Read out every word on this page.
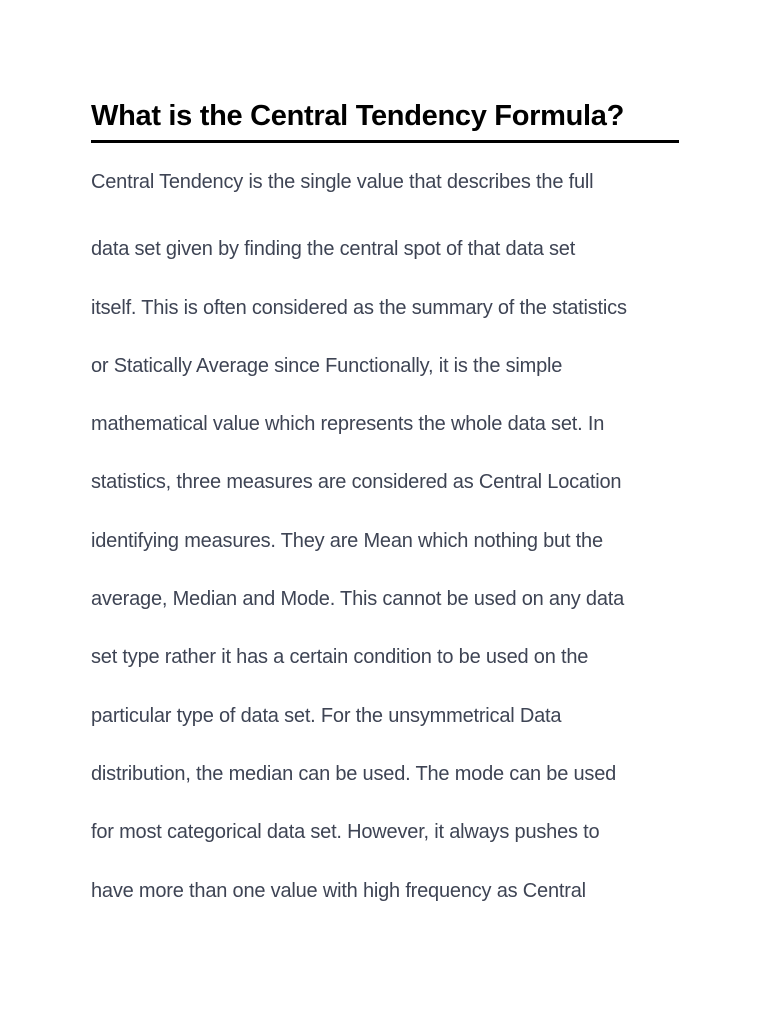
What is the Central Tendency Formula?
Central Tendency is the single value that describes the full
data set given by finding the central spot of that data set
itself. This is often considered as the summary of the statistics
or Statically Average since Functionally, it is the simple
mathematical value which represents the whole data set. In
statistics, three measures are considered as Central Location
identifying measures. They are Mean which nothing but the
average, Median and Mode. This cannot be used on any data
set type rather it has a certain condition to be used on the
particular type of data set. For the unsymmetrical Data
distribution, the median can be used. The mode can be used
for most categorical data set. However, it always pushes to
have more than one value with high frequency as Central
